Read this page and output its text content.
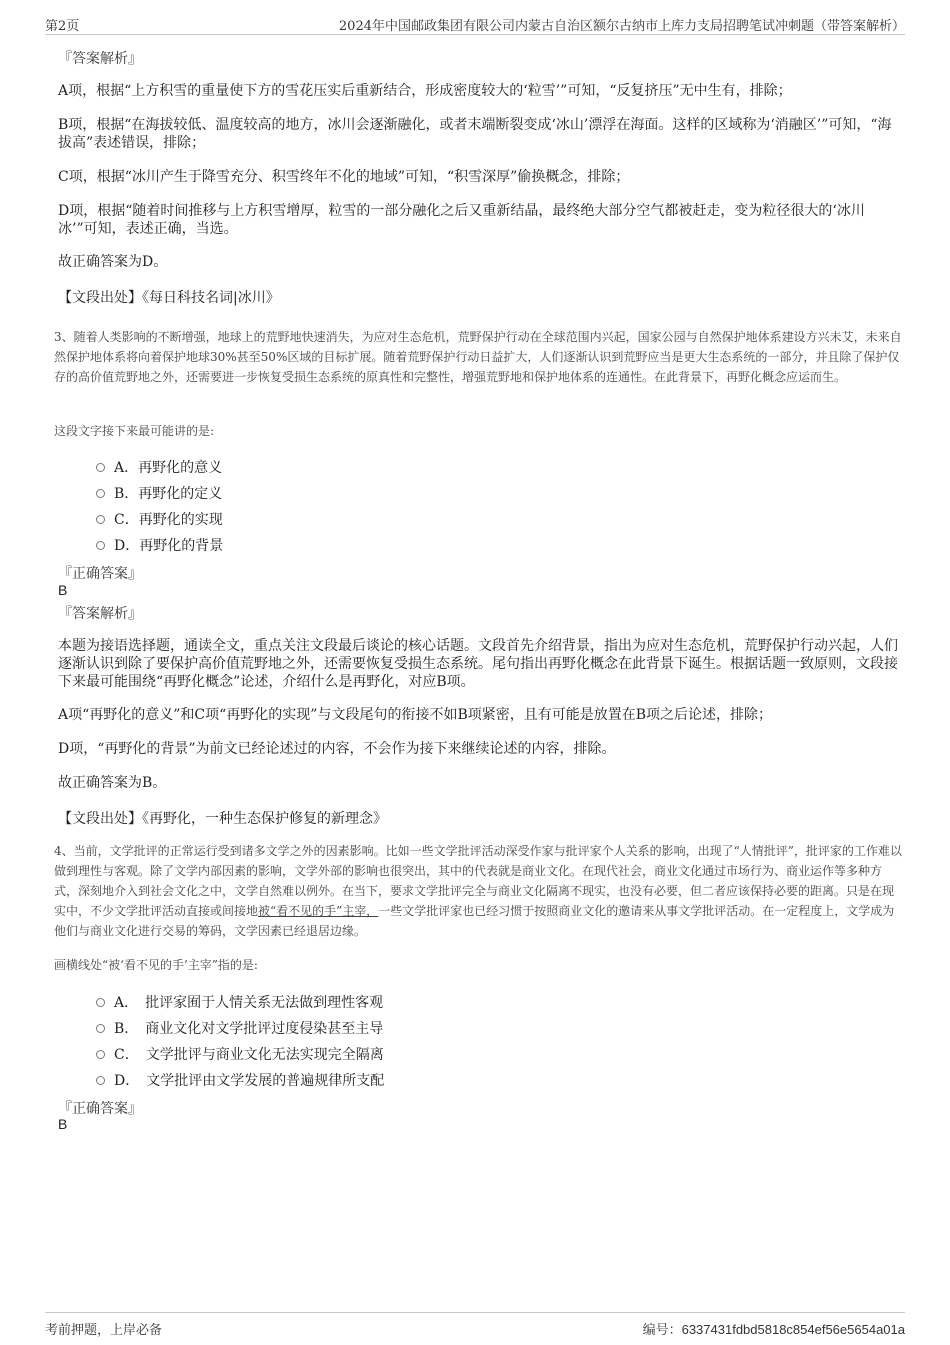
第2页	2024年中国邮政集团有限公司内蒙古自治区额尔古纳市上库力支局招聘笔试冲刺题（带答案解析）

『答案解析』

A项，根据“上方积雪的重量使下方的雪花压实后重新结合，形成密度较大的‘粒雪’”可知，“反复挤压”无中生有，排除；

B项，根据“在海拔较低、温度较高的地方，冰川会逐渐融化，或者末端断裂变成‘冰山’漂浮在海面。这样的区域称为‘消融区’”可知，“海拔高”表述错误，排除；

C项，根据“冰川产生于降雪充分、积雪终年不化的地域”可知，“积雪深厚”偷换概念，排除；

D项，根据“随着时间推移与上方积雪增厚，粒雪的一部分融化之后又重新结晶，最终绝大部分空气都被赶走，变为粒径很大的‘冰川冰’”可知，表述正确，当选。

故正确答案为D。

【文段出处】《每日科技名词|冰川》

3、随着人类影响的不断增强，地球上的荒野地快速消失，为应对生态危机，荒野保护行动在全球范围内兴起，国家公园与自然保护地体系建设方兴未艾，未来自然保护地体系将向着保护地球30%甚至50%区域的目标扩展。随着荒野保护行动日益扩大，人们逐渐认识到荒野应当是更大生态系统的一部分，并且除了保护仅存的高价值荒野地之外，还需要进一步恢复受损生态系统的原真性和完整性，增强荒野地和保护地体系的连通性。在此背景下，再野化概念应运而生。

这段文字接下来最可能讲的是:

A．再野化的意义
B．再野化的定义
C．再野化的实现
D．再野化的背景

『正确答案』

B

『答案解析』

本题为接语选择题，通读全文，重点关注文段最后谈论的核心话题。文段首先介绍背景，指出为应对生态危机，荒野保护行动兴起，人们逐渐认识到除了要保护高价值荒野地之外，还需要恢复受损生态系统。尾句指出再野化概念在此背景下诞生。根据话题一致原则，文段接下来最可能围绕“再野化概念”论述，介绍什么是再野化，对应B项。

A项“再野化的意义”和C项“再野化的实现”与文段尾句的衔接不如B项紧密，且有可能是放置在B项之后论述，排除；

D项，“再野化的背景”为前文已经论述过的内容，不会作为接下来继续论述的内容，排除。

故正确答案为B。

【文段出处】《再野化，一种生态保护修复的新理念》

4、当前，文学批评的正常运行受到诸多文学之外的因素影响。比如一些文学批评活动深受作家与批评家个人关系的影响，出现了“人情批评”，批评家的工作难以做到理性与客观。除了文学内部因素的影响，文学外部的影响也很突出，其中的代表就是商业文化。在现代社会，商业文化通过市场行为、商业运作等多种方式，深刻地介入到社会文化之中，文学自然难以例外。在当下，要求文学批评完全与商业文化隔离不现实，也没有必要，但二者应该保持必要的距离。只是在现实中，不少文学批评活动直接或间接地被“看不见的手”主宰，一些文学批评家也已经习惯于按照商业文化的邀请来从事文学批评活动。在一定程度上，文学成为他们与商业文化进行交易的筹码，文学因素已经退居边缘。

画横线处“被‘看不见的手’主宰”指的是:

A．　批评家囿于人情关系无法做到理性客观
B．　商业文化对文学批评过度侵染甚至主导
C．　文学批评与商业文化无法实现完全隔离
D．　文学批评由文学发展的普遍规律所支配

『正确答案』

B

考前押题，上岸必备	编号：6337431fdbd5818c854ef56e5654a01a
